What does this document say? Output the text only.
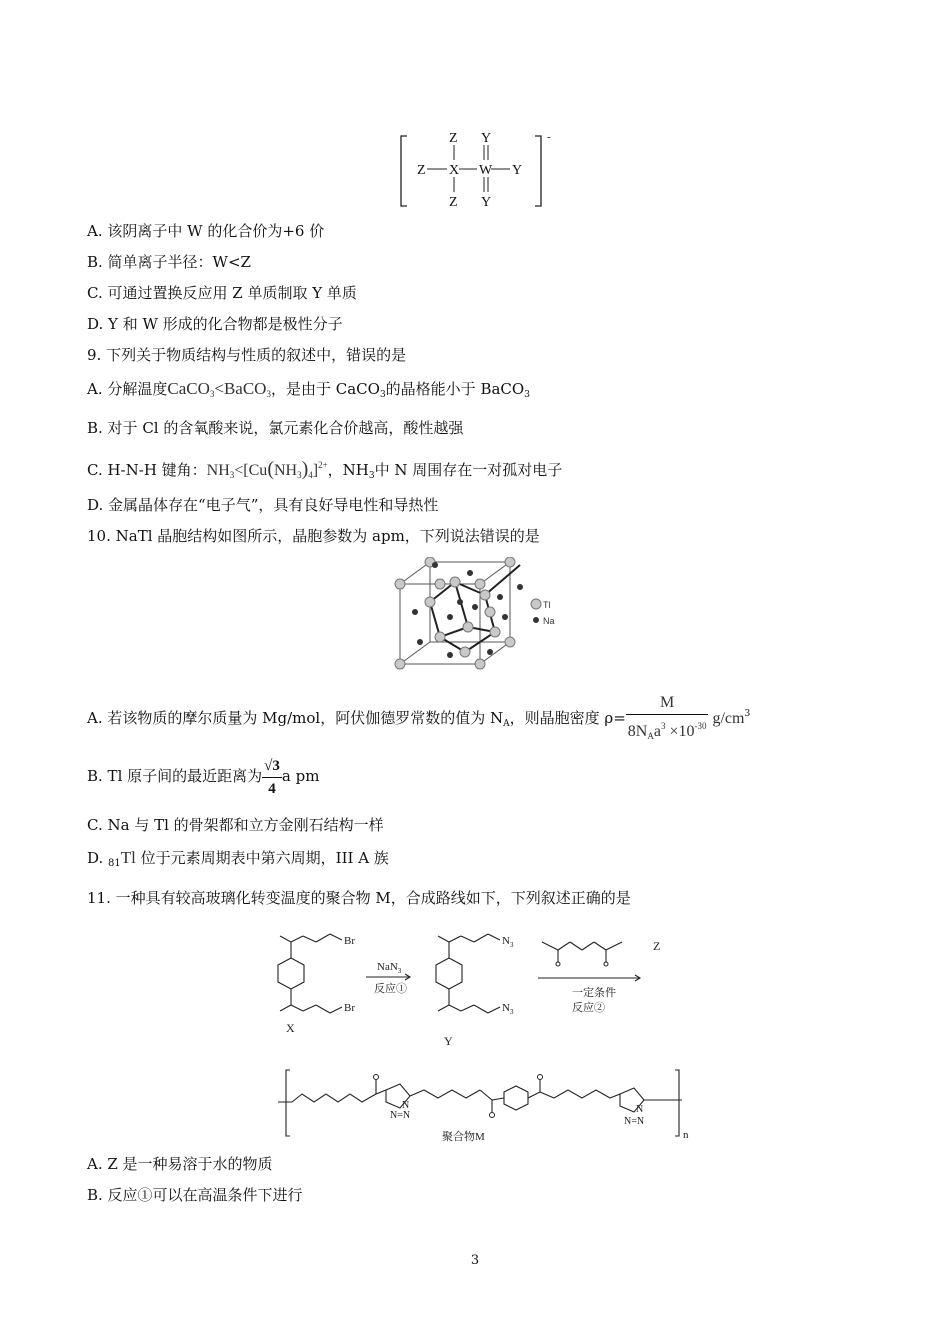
-
Z Y
Z X W Y
Z Y
A. 该阴离子中 W 的化合价为+6 价
B. 简单离子半径：W<Z
C. 可通过置换反应用 Z 单质制取 Y 单质
D. Y 和 W 形成的化合物都是极性分子
9. 下列关于物质结构与性质的叙述中，错误的是
A. 分解温度CaCO$_3$<BaCO$_3$，是由于 CaCO$_3$的晶格能小于 BaCO$_3$
B. 对于 Cl 的含氧酸来说，氯元素化合价越高，酸性越强
C. H-N-H 键角：$NH_3<[Cu(NH_3)_4]^{2+}$，$NH_3$中 N 周围存在一对孤对电子
D. 金属晶体存在“电子气”，具有良好导电性和导热性
10. NaTl 晶胞结构如图所示，晶胞参数为 apm，下列说法错误的是
Tl
Na
A. 若该物质的摩尔质量为 Mg/mol，阿伏伽德罗常数的值为 $N_A$，则晶胞密度 $\rho= \frac{M}{8N_Aa^3 \times 10^{-30}} g/cm^3$
B. Tl 原子间的最近距离为 $\frac{√3}{4}$ a pm
C. Na 与 Tl 的骨架都和立方金刚石结构一样
D. $_{81}$Tl 位于元素周期表中第六周期，III A 族
11. 一种具有较高玻璃化转变温度的聚合物 M，合成路线如下，下列叙述正确的是
Br
Br
X
NaN$_3$
反应①
$N_3$
$N_3$
Y
Z
一定条件
反应②
N
N=N
N
N=N
聚合物M	n
A. Z 是一种易溶于水的物质
B. 反应①可以在高温条件下进行
3
